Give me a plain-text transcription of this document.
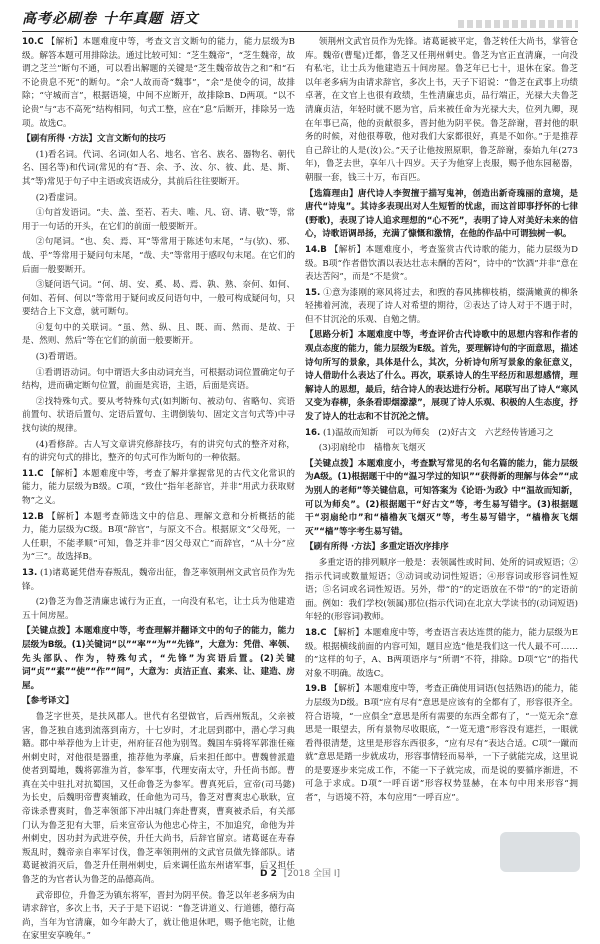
高考必刷卷 十年真题 语文

10.C 【解析】本题难度中等，考查文言文断句的能力，能力层级为B级。解答本题可用排除法。通过比较可知：“芝生魏帝”，“芝生魏帝，故谓之芝兰”断句不通，可以看出解题的关键是“芝生魏帝故告之和”和“石不论贵息不死”的断句。“余”人故而奇“魏事”，“余”是使令的词，故排除；“守城而言”，根据语境，中间不应断开，故排除B、D两项。“以不论贵”与“志不高死”结构相同，句式工整，应在“息”后断开，排除另一选项。故选C。

【刷有所得 ·方法】文言文断句的技巧

(1)看名词。代词、名词(如人名、地名、官名、族名、器物名、朝代名、国名等)和代词(常见的有“吾、余、予、汝、尔、彼、此、是、斯、其”等)常见于句子中主语或宾语成分，其前后往往要断开。

(2)看虚词。

①句首发语词。“夫、盖、至若、若夫、唯、凡、窃、请、敬”等，常用于一句话的开头，在它们的前面一般要断开。

②句尾词。“也、矣、焉、耳”等常用于陈述句末尾，“与(欤)、邪、哉、乎”等常用于疑问句末尾，“哉、夫”等常用于感叹句末尾。在它们的后面一般要断开。

③疑问语气词。“何、胡、安、奚、曷、焉、孰、熟、奈何、如何、何如、若何、何以”等常用于疑问或反问语句中，一般可构成疑问句，只要结合上下文意，就可断句。

④复句中的关联词。“虽、然、纵、且、既、而、然而、是故、于是、然则、然后”等在它们的前面一般要断开。

(3)看谓语。

①看谓语动词。句中谓语大多由动词充当，可根据动词位置确定句子结构，进而确定断句位置，前面是宾语，主语，后面是宾语。

②找特殊句式。要从考特殊句式(如判断句、被动句、省略句、宾语前置句、状语后置句、定语后置句、主谓倒装句、固定文言句式等)中寻找句读的规律。

(4)看修辞。古人写文章讲究修辞技巧，有的讲究句式的整齐对称，有的讲究句式的排比，整齐的句式可作为断句的一种依据。

11.C 【解析】本题难度中等，考查了解并掌握常见的古代文化常识的能力，能力层级为B级。C项，“致仕”指年老辞官，并非“用武力获取财物”之义。

12.B 【解析】本题考查筛选文中的信息、理解文意和分析概括的能力，能力层级为C级。B项“辞官”，与原文不合。根据原文“父母死，一人任职，不能孝顺”可知，鲁芝并非“因父母双亡”而辞官，“从十分”应为“三”。故选择B。

13. (1)诸葛诞凭借寿春叛乱，魏帝出征，鲁芝率领荆州文武官员作为先锋。

(2)鲁芝为鲁芝清廉忠诚行为正直，一向没有私宅，让士兵为他建造五十间房屋。

【关键点拨】本题难度中等，考查理解并翻译文中的句子的能力，能力层级为B级。(1)关键词“以”“率”“为”“先锋”，大意为：凭借、率领、先头部队、作为，特殊句式，“先锋”为宾语后置。(2)关键词“贞”“素”“使”“作”“间”，大意为：贞洁正直、素来、让、建造、房屋。

【参考译文】

鲁芝字世英，是扶风郡人。世代有名望做官，后西州叛乱，父亲被害，鲁芝独自逃到流落到南方，十七岁时，才北居到郡中，潜心学习典籍。郡中举荐他为上计吏，州府征召他为别驾。魏国车骑将军郭淮任雍州刺史时，对他很是器重，推荐他为孝廉，后来担任郎中。曹魏曾派遣使者到蜀地，魏将郭淮为首，参军事，代理安南太守，升任尚书郎。曹真在关中驻扎对抗蜀国，又任命鲁芝为参军。曹真死后，宣帝(司马懿)为长史，后魏明帝曹爽辅政，任命他为司马，鲁芝对曹爽忠心耿耿，宣帝诛杀曹爽时，鲁芝率领部下冲出城门奔赴曹爽，曹爽被杀后，有关部门认为鲁芝犯有大罪，后来宣帝认为他忠心侍主，不加追究，命他为并州刺史，因功封为武进亭侯，升任大尚书，后辞官留京。诸葛诞在寿春叛乱时，魏帝亲自率军讨伐，鲁芝率领荆州的文武官员做先锋部队。诸葛诞被消灭后，鲁芝升任荆州刺史，后来调任监东州诸军事，后又担任鲁芝的为官者认为鲁芝的品德高尚。

武帝即位，升鲁芝为镇东将军，晋封为阴平侯。鲁芝以年老多病为由请求辞官，多次上书，天子于是下诏说：“鲁芝讲道义、行道德，德行高尚，当年为官清廉，如今年龄大了，就让他退休吧，赐予他宅院，让他在家里安享晚年。”

领荆州文武官员作为先锋。诸葛诞被平定，鲁芝转任大尚书，掌管仓库。魏帝(曹髦)迁都，鲁芝又任荆州刺史。鲁芝为官正直清廉，一向没有私宅，让士兵为他建造五十间房屋。鲁芝年已七十，退休在家。鲁芝以年老多病为由请求辞官，多次上书，天子下诏说：“鲁芝在武事上功绩卓著，在文官上也很有政绩，生性清廉忠贞，品行端正，光禄大夫鲁芝清廉贞洁，年轻时就不愿为官，后来被任命为光禄大夫，位列九卿，现在年事已高，他的贡献很多，晋封他为阴平侯。鲁芝辞谢，晋封他的职务的时候，对他很尊敬，他对我们大家都很好，真是不如你。”于是推荐自己辞让的人是(汝)公。”天子让他按照原职，鲁芝辞谢，泰始九年(273年)，鲁芝去世，享年八十四岁。天子为他穿上丧服，赐予他东园秘器，朝服一套，钱三十万，布百匹。

【选篇理由】唐代诗人李贺擅于描写鬼神，创造出新奇瑰丽的意境，是唐代“诗鬼”。其诗多表现出对人生短暂的忧虑，而这首即事抒怀的七律(野歌)，表现了诗人追求理想的“心不死”，表明了诗人对美好未来的信心，诗歌语调昂扬，充满了慷慨和激情，在他的作品中可谓独树一帜。

14.B 【解析】本题难度小，考查鉴赏古代诗歌的能力，能力层级为D级。B项“作者借饮酒以表达壮志未酬的苦闷”，诗中的“饮酒”并非“意在表达苦闷”，而是“不是赏”。

15. ①意为漆刚的寒风将过去，和煦的春风拂柳枝梢，缀满嫩黄的柳条轻拂着河流，表现了诗人对希望的期待，②表达了诗人对于不遇于时，但不甘沉沦的乐观、自勉之情。

【思路分析】本题难度中等，考查评价古代诗歌中的思想内容和作者的观点态度的能力，能力层级为E级。首先，要理解诗句的字面意思，描述诗句所写的景象，具体是什么，其次，分析诗句所写景象的象征意义，诗人借助什么表达了什么。再次，联系诗人的生平经历和思想感情，理解诗人的思想，最后，结合诗人的表达进行分析。尾联写出了诗人“寒风又变为春柳，条条看即烟濛濛”，展现了诗人乐观、积极的人生态度，抒发了诗人的壮志和不甘沉沦之情。

16. (1)温故而知新　可以为师矣　(2)好古文　六艺经传皆通习之

(3)羽扇纶巾　樯橹灰飞烟灭

【关键点拨】本题难度小，考查默写常见的名句名篇的能力，能力层级为A级。(1)根据题干中的“温习学过的知识”“获得新的理解与体会”“成为别人的老师”等关键信息，可知答案为《论语·为政》中“温故而知新，可以为师矣”。(2)根据题干“好古文”等，考生易写错字。(3)根据题干“羽扇纶巾”和“樯橹灰飞烟灭”等，考生易写错字，“樯橹灰飞烟灭”“樯”等字考生易写错。

【刷有所得 ·方法】多重定语次序排序

多重定语的排列顺序一般是：表领属性或时间、处所的词或短语；②指示代词或数量短语；③动词或动词性短语；④形容词或形容词性短语；⑤名词或名词性短语。另外，带“的”的定语放在不带“的”的定语前面。例如：我们学校(领属)那位(指示代词)在北京大学读书的(动词短语)年轻的(形容词)教师。

18.C 【解析】本题难度中等，考查语言表达连贯的能力，能力层级为E级。根据横线前面的内容可知，题目应选“他是我们这一代人最不可……的”这样的句子，A、B两项语序与“所谓”不符，排除。D项“它”的指代对象不明确。故选C。

19.B 【解析】本题难度中等，考查正确使用词语(包括熟语)的能力，能力层级为D级。B项“应有尽有”意思是应该有的全都有了，形容很齐全。符合语境，“一应俱全”意思是所有需要的东西全都有了，“一览无余”意思是一眼望去，所有景物尽收眼底，“一览无遗”形容没有遮拦，一眼就看得很清楚，这里是形容东西很多，“应有尽有”表达合适。C项“一蹴而就”意思是踏一步就成功，形容事情轻而易举，一下子就能完成，这里说的是要逐步来完成工作，不能一下子就完成，而是说的要循序渐进，不可急于求成。D项“一呼百诺”形容权势显赫，在本句中用来形容“拥者”，与语境不符，本句应用“一呼百应”。

D 2 [2018 全国 I]
